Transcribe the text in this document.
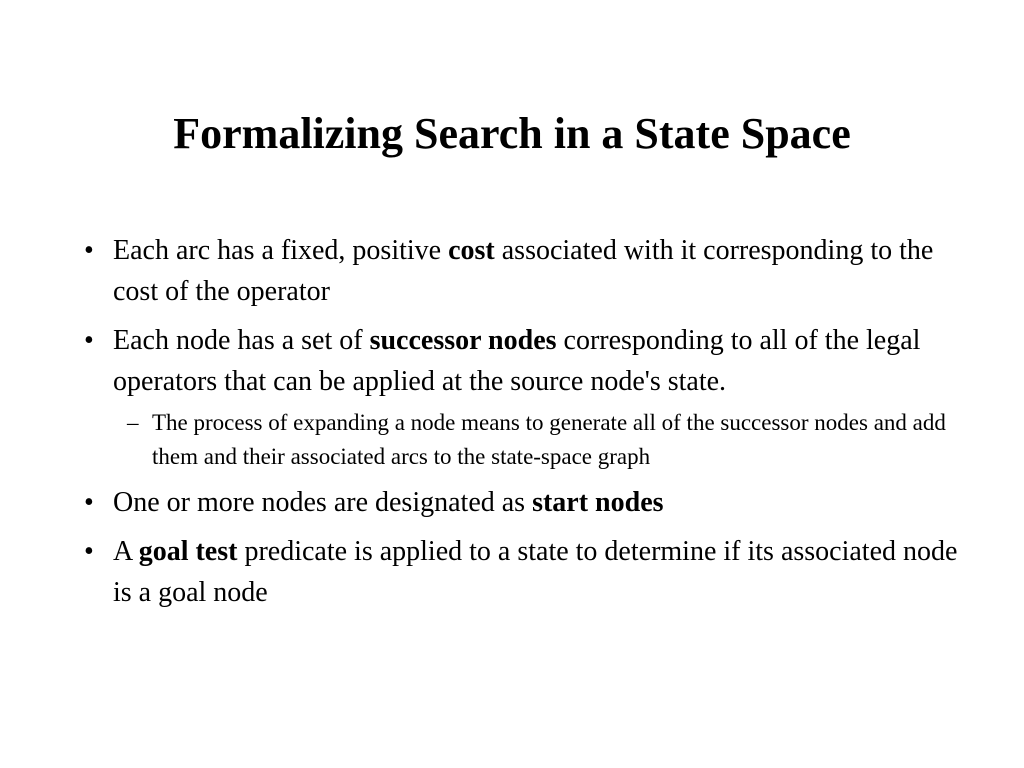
Formalizing Search in a State Space
• Each arc has a fixed, positive cost associated with it corresponding to the cost of the operator
• Each node has a set of successor nodes corresponding to all of the legal operators that can be applied at the source node's state.
– The process of expanding a node means to generate all of the successor nodes and add them and their associated arcs to the state-space graph
• One or more nodes are designated as start nodes
• A goal test predicate is applied to a state to determine if its associated node is a goal node
